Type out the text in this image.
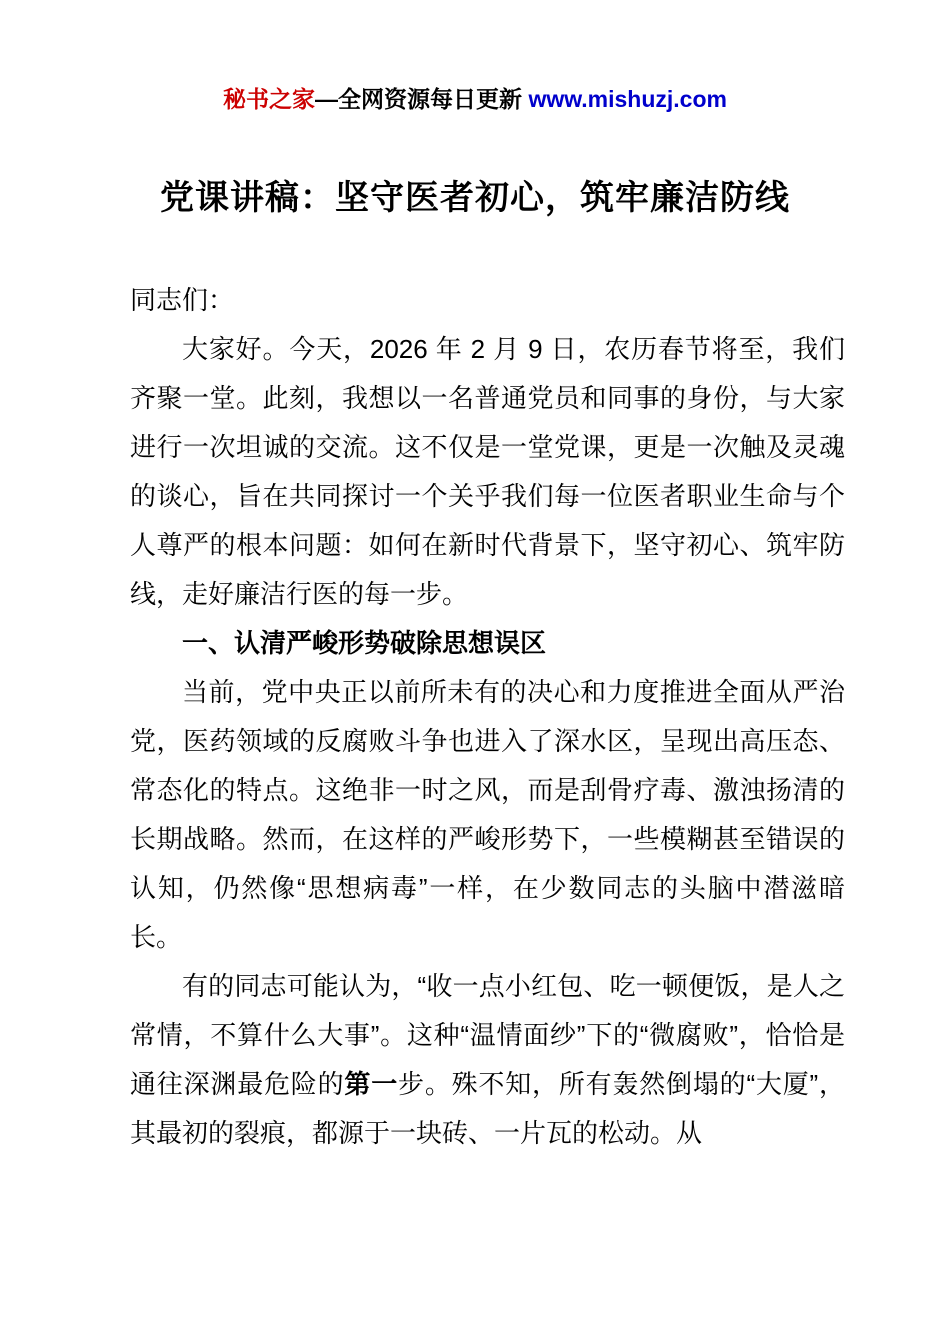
秘书之家—全网资源每日更新 www.mishuzj.com
党课讲稿：坚守医者初心，筑牢廉洁防线

同志们：

大家好。今天，2026 年 2 月 9 日，农历春节将至，我们齐聚一堂。此刻，我想以一名普通党员和同事的身份，与大家进行一次坦诚的交流。这不仅是一堂党课，更是一次触及灵魂的谈心，旨在共同探讨一个关乎我们每一位医者职业生命与个人尊严的根本问题：如何在新时代背景下，坚守初心、筑牢防线，走好廉洁行医的每一步。

一、认清严峻形势破除思想误区

当前，党中央正以前所未有的决心和力度推进全面从严治党，医药领域的反腐败斗争也进入了深水区，呈现出高压态、常态化的特点。这绝非一时之风，而是刮骨疗毒、激浊扬清的长期战略。然而，在这样的严峻形势下，一些模糊甚至错误的认知，仍然像“思想病毒”一样，在少数同志的头脑中潜滋暗长。

有的同志可能认为，“收一点小红包、吃一顿便饭，是人之常情，不算什么大事”。这种“温情面纱”下的“微腐败”，恰恰是通往深渊最危险的第一步。殊不知，所有轰然倒塌的“大厦”，其最初的裂痕，都源于一块砖、一片瓦的松动。从
